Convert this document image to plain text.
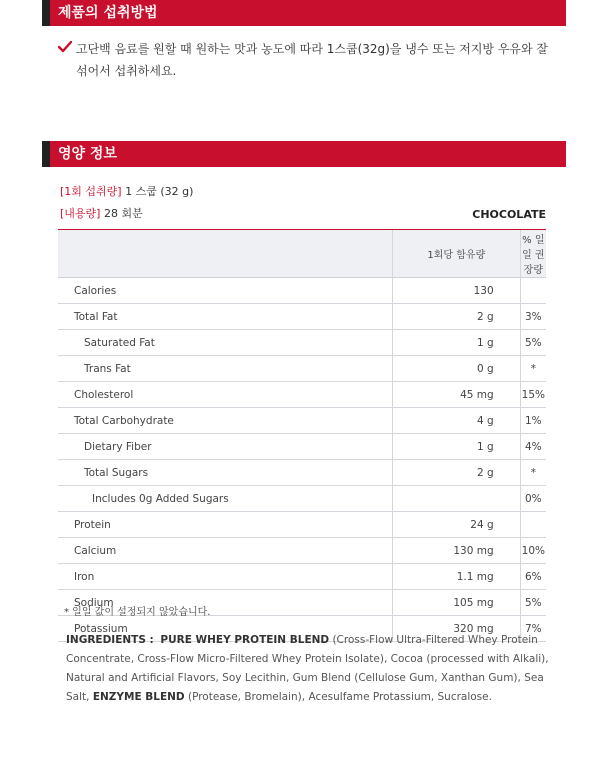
제품의 섭취방법
고단백 음료를 원할 때 원하는 맛과 농도에 따라 1스쿱(32g)을 냉수 또는 저지방 우유와 잘 섞어서 섭취하세요.
영양 정보
[1회 섭취량] 1 스쿱 (32 g)
[내용량] 28 회분	CHOCOLATE
	1회당 함유량	% 일일 권장량
Calories	130	
Total Fat	2 g	3%
Saturated Fat	1 g	5%
Trans Fat	0 g	*
Cholesterol	45 mg	15%
Total Carbohydrate	4 g	1%
Dietary Fiber	1 g	4%
Total Sugars	2 g	*
Includes 0g Added Sugars		0%
Protein	24 g	
Calcium	130 mg	10%
Iron	1.1 mg	6%
Sodium	105 mg	5%
Potassium	320 mg	7%
* 일일 값이 설정되지 않았습니다.
INGREDIENTS : PURE WHEY PROTEIN BLEND (Cross-Flow Ultra-Filtered Whey Protein Concentrate, Cross-Flow Micro-Filtered Whey Protein Isolate), Cocoa (processed with Alkali), Natural and Artificial Flavors, Soy Lecithin, Gum Blend (Cellulose Gum, Xanthan Gum), Sea Salt, ENZYME BLEND (Protease, Bromelain), Acesulfame Protassium, Sucralose.
